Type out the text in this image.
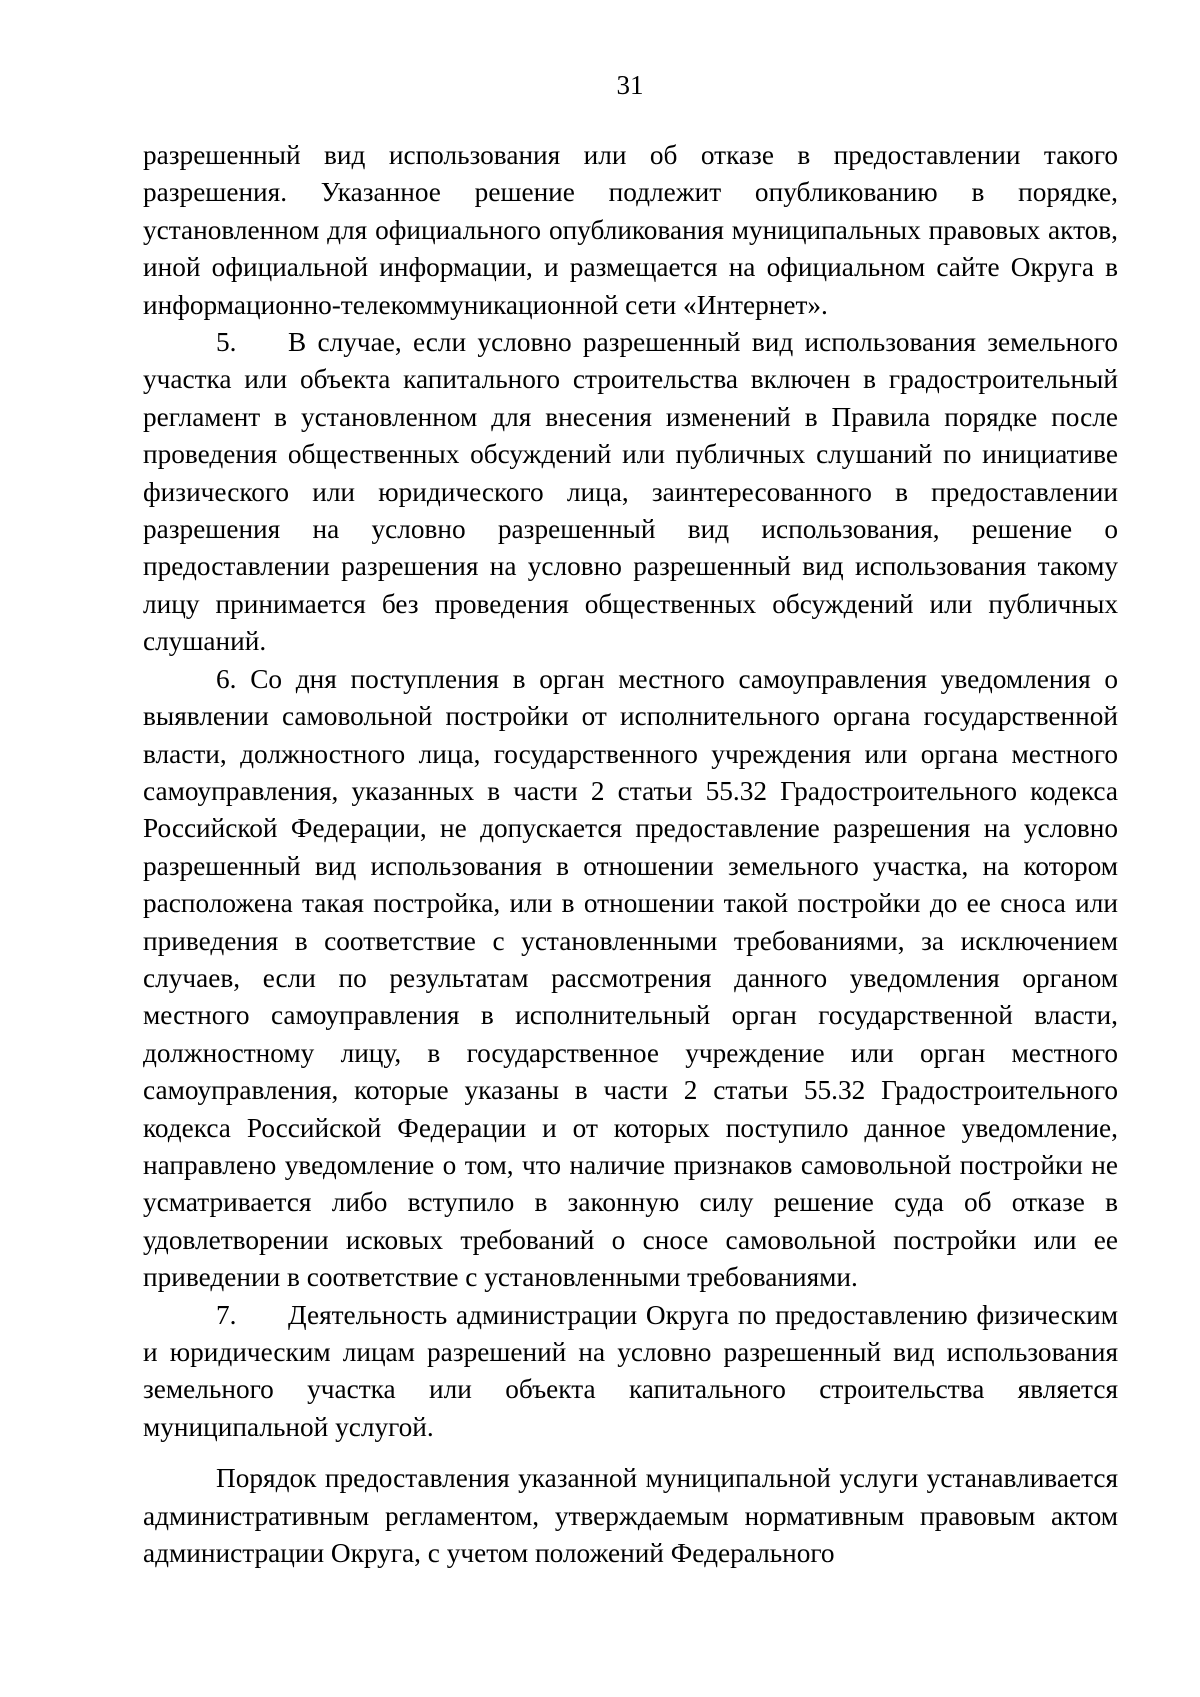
31

разрешенный вид использования или об отказе в предоставлении такого разрешения. Указанное решение подлежит опубликованию в порядке, установленном для официального опубликования муниципальных правовых актов, иной официальной информации, и размещается на официальном сайте Округа в информационно-телекоммуникационной сети «Интернет».

5. В случае, если условно разрешенный вид использования земельного участка или объекта капитального строительства включен в градостроительный регламент в установленном для внесения изменений в Правила порядке после проведения общественных обсуждений или публичных слушаний по инициативе физического или юридического лица, заинтересованного в предоставлении разрешения на условно разрешенный вид использования, решение о предоставлении разрешения на условно разрешенный вид использования такому лицу принимается без проведения общественных обсуждений или публичных слушаний.

6. Со дня поступления в орган местного самоуправления уведомления о выявлении самовольной постройки от исполнительного органа государственной власти, должностного лица, государственного учреждения или органа местного самоуправления, указанных в части 2 статьи 55.32 Градостроительного кодекса Российской Федерации, не допускается предоставление разрешения на условно разрешенный вид использования в отношении земельного участка, на котором расположена такая постройка, или в отношении такой постройки до ее сноса или приведения в соответствие с установленными требованиями, за исключением случаев, если по результатам рассмотрения данного уведомления органом местного самоуправления в исполнительный орган государственной власти, должностному лицу, в государственное учреждение или орган местного самоуправления, которые указаны в части 2 статьи 55.32 Градостроительного кодекса Российской Федерации и от которых поступило данное уведомление, направлено уведомление о том, что наличие признаков самовольной постройки не усматривается либо вступило в законную силу решение суда об отказе в удовлетворении исковых требований о сносе самовольной постройки или ее приведении в соответствие с установленными требованиями.

7. Деятельность администрации Округа по предоставлению физическим и юридическим лицам разрешений на условно разрешенный вид использования земельного участка или объекта капитального строительства является муниципальной услугой.

Порядок предоставления указанной муниципальной услуги устанавливается административным регламентом, утверждаемым нормативным правовым актом администрации Округа, с учетом положений Федерального
